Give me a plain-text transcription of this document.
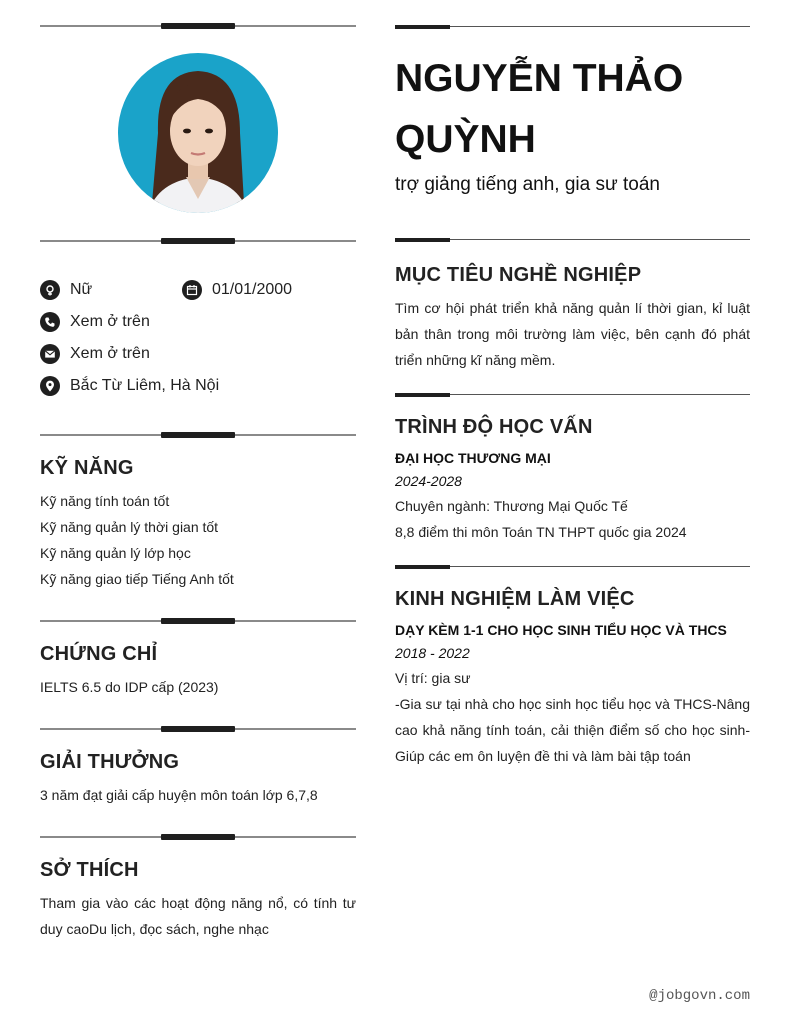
Nữ	01/01/2000
Xem ở trên
Xem ở trên
Bắc Từ Liêm, Hà Nội
KỸ NĂNG
Kỹ năng tính toán tốt
Kỹ năng quản lý thời gian tốt
Kỹ năng quản lý lớp học
Kỹ năng giao tiếp Tiếng Anh tốt
CHỨNG CHỈ
IELTS 6.5 do IDP cấp (2023)
GIẢI THƯỞNG
3 năm đạt giải cấp huyện môn toán lớp 6,7,8
SỞ THÍCH
Tham gia vào các hoạt động năng nổ, có tính tư duy caoDu lịch, đọc sách, nghe nhạc
NGUYỄN THẢO QUỲNH
trợ giảng tiếng anh, gia sư toán
MỤC TIÊU NGHỀ NGHIỆP
Tìm cơ hội phát triển khả năng quản lí thời gian, kỉ luật bản thân trong môi trường làm việc, bên cạnh đó phát triển những kĩ năng mềm.
TRÌNH ĐỘ HỌC VẤN
ĐẠI HỌC THƯƠNG MẠI
2024-2028
Chuyên ngành: Thương Mại Quốc Tế
8,8 điểm thi môn Toán TN THPT quốc gia 2024
KINH NGHIỆM LÀM VIỆC
DẠY KÈM 1-1 CHO HỌC SINH TIỂU HỌC VÀ THCS
2018 - 2022
Vị trí: gia sư
-Gia sư tại nhà cho học sinh học tiểu học và THCS-Nâng cao khả năng tính toán, cải thiện điểm số cho học sinh-Giúp các em ôn luyện đề thi và làm bài tập toán
@jobgovn.com
